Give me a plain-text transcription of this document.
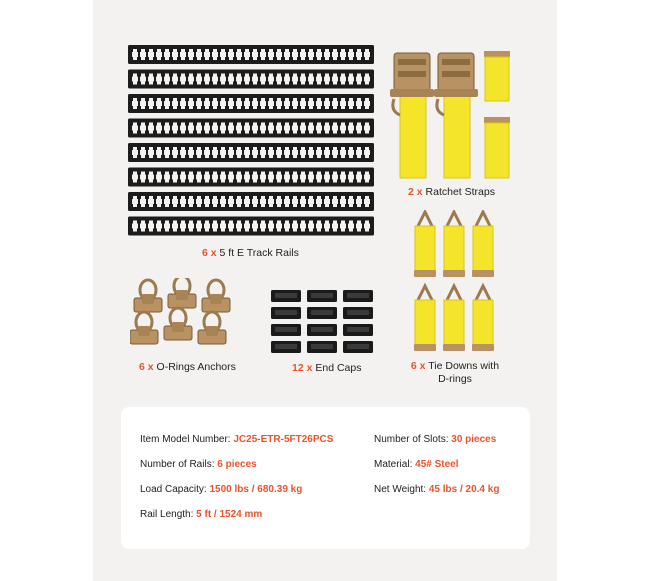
6 x 5 ft E Track Rails
2 x Ratchet Straps
6 x O-Rings Anchors	12 x End Caps	6 x Tie Downs with
D-rings
Item Model Number: JC25-ETR-5FT26PCS	Number of Slots: 30 pieces
Number of Rails: 6 pieces	Material: 45# Steel
Load Capacity: 1500 lbs / 680.39 kg	Net Weight: 45 lbs / 20.4 kg
Rail Length: 5 ft / 1524 mm
